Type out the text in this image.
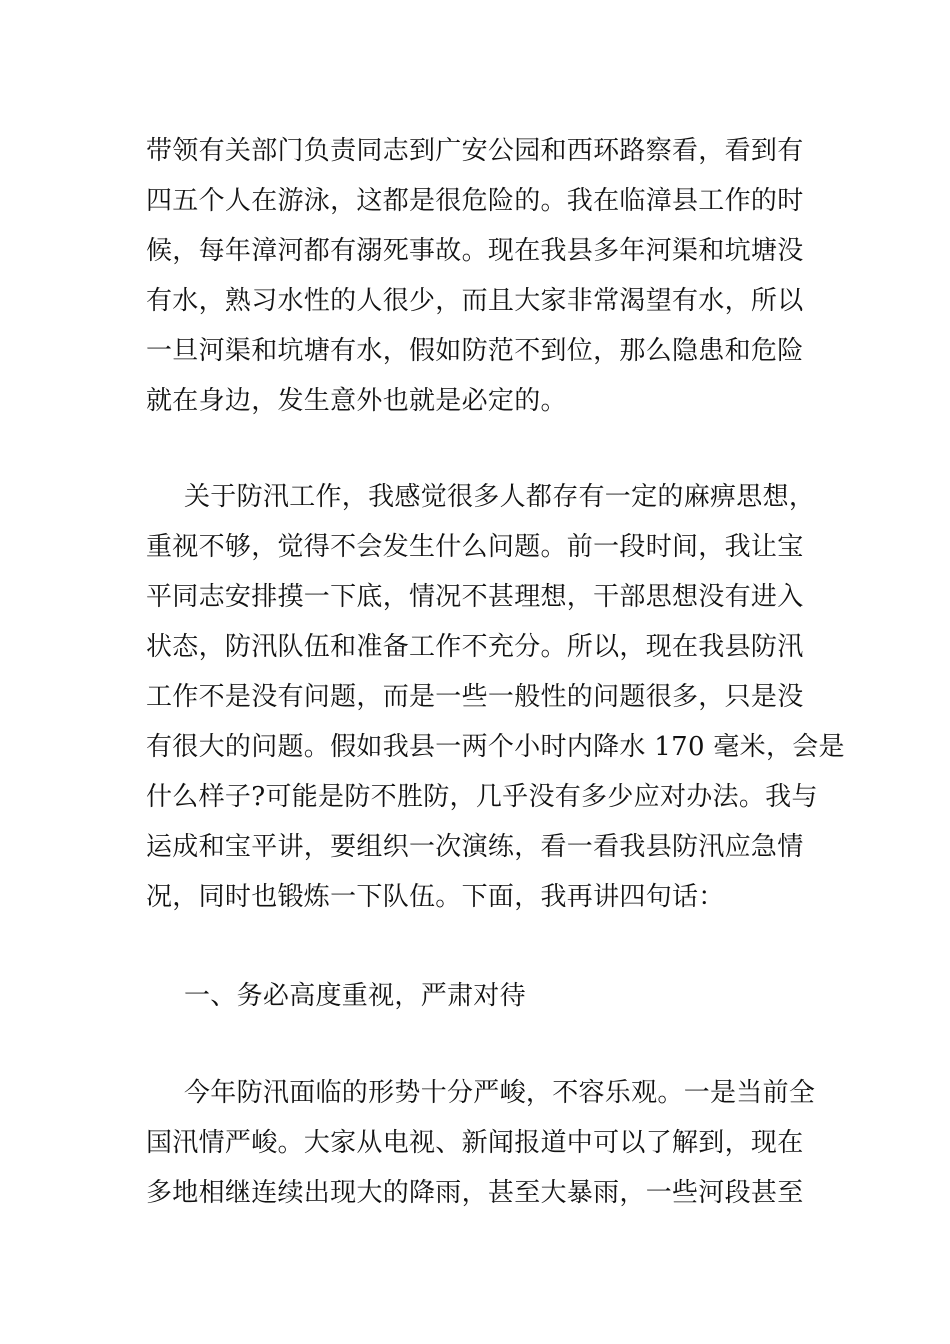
带领有关部门负责同志到广安公园和西环路察看，看到有
四五个人在游泳，这都是很危险的。我在临漳县工作的时
候，每年漳河都有溺死事故。现在我县多年河渠和坑塘没
有水，熟习水性的人很少，而且大家非常渴望有水，所以
一旦河渠和坑塘有水，假如防范不到位，那么隐患和危险
就在身边，发生意外也就是必定的。
关于防汛工作，我感觉很多人都存有一定的麻痹思想，
重视不够，觉得不会发生什么问题。前一段时间，我让宝
平同志安排摸一下底，情况不甚理想，干部思想没有进入
状态，防汛队伍和准备工作不充分。所以，现在我县防汛
工作不是没有问题，而是一些一般性的问题很多，只是没
有很大的问题。假如我县一两个小时内降水 170 毫米，会是
什么样子?可能是防不胜防，几乎没有多少应对办法。我与
运成和宝平讲，要组织一次演练，看一看我县防汛应急情
况，同时也锻炼一下队伍。下面，我再讲四句话：
一、务必高度重视，严肃对待
今年防汛面临的形势十分严峻，不容乐观。一是当前全
国汛情严峻。大家从电视、新闻报道中可以了解到，现在
多地相继连续出现大的降雨，甚至大暴雨，一些河段甚至
